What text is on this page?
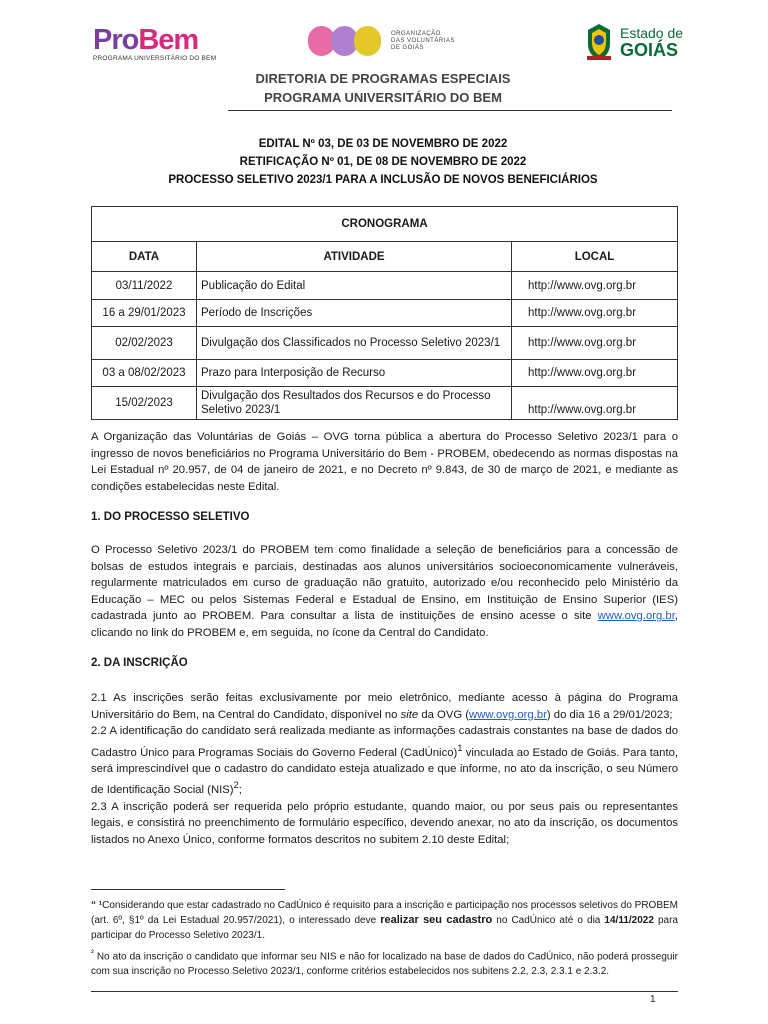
ProBem
PROGRAMA UNIVERSITÁRIO DO BEM
ORGANIZAÇÃO
DAS VOLUNTÁRIAS
DE GOIÁS
Estado de
GOIÁS
DIRETORIA DE PROGRAMAS ESPECIAIS
PROGRAMA UNIVERSITÁRIO DO BEM
EDITAL Nº 03, DE 03 DE NOVEMBRO DE 2022
RETIFICAÇÃO Nº 01, DE 08 DE NOVEMBRO DE 2022
PROCESSO SELETIVO 2023/1 PARA A INCLUSÃO DE NOVOS BENEFICIÁRIOS
CRONOGRAMA		
DATA	ATIVIDADE	LOCAL
03/11/2022	Publicação do Edital	http://www.ovg.org.br
16 a 29/01/2023	Período de Inscrições	http://www.ovg.org.br
02/02/2023	Divulgação dos Classificados no Processo Seletivo 2023/1	http://www.ovg.org.br
03 a 08/02/2023	Prazo para Interposição de Recurso	http://www.ovg.org.br
15/02/2023	Divulgação dos Resultados dos Recursos e do Processo Seletivo 2023/1	http://www.ovg.org.br
A Organização das Voluntárias de Goiás – OVG torna pública a abertura do Processo Seletivo 2023/1 para o ingresso de novos beneficiários no Programa Universitário do Bem - PROBEM, obedecendo as normas dispostas na Lei Estadual nº 20.957, de 04 de janeiro de 2021, e no Decreto nº 9.843, de 30 de março de 2021, e mediante as condições estabelecidas neste Edital.
1. DO PROCESSO SELETIVO
O Processo Seletivo 2023/1 do PROBEM tem como finalidade a seleção de beneficiários para a concessão de bolsas de estudos integrais e parciais, destinadas aos alunos universitários socioeconomicamente vulneráveis, regularmente matriculados em curso de graduação não gratuito, autorizado e/ou reconhecido pelo Ministério da Educação – MEC ou pelos Sistemas Federal e Estadual de Ensino, em Instituição de Ensino Superior (IES) cadastrada junto ao PROBEM. Para consultar a lista de instituições de ensino acesse o site www.ovg.org.br, clicando no link do PROBEM e, em seguida, no ícone da Central do Candidato.
2. DA INSCRIÇÃO
2.1 As inscrições serão feitas exclusivamente por meio eletrônico, mediante acesso à página do Programa Universitário do Bem, na Central do Candidato, disponível no site da OVG (www.ovg.org.br) do dia 16 a 29/01/2023;
2.2 A identificação do candidato será realizada mediante as informações cadastrais constantes na base de dados do Cadastro Único para Programas Sociais do Governo Federal (CadÚnico)$^1$ vinculada ao Estado de Goiás. Para tanto, será imprescindível que o cadastro do candidato esteja atualizado e que informe, no ato da inscrição, o seu Número de Identificação Social (NIS)$^2$;
2.3 A inscrição poderá ser requerida pelo próprio estudante, quando maior, ou por seus pais ou representantes legais, e consistirá no preenchimento de formulário específico, devendo anexar, no ato da inscrição, os documentos listados no Anexo Único, conforme formatos descritos no subitem 2.10 deste Edital;
“ ¹Considerando que estar cadastrado no CadÚnico é requisito para a inscrição e participação nos processos seletivos do PROBEM (art. 6º, §1º da Lei Estadual 20.957/2021), o interessado deve realizar seu cadastro no CadÚnico até o dia 14/11/2022 para participar do Processo Seletivo 2023/1.
$^{^2}$ No ato da inscrição o candidato que informar seu NIS e não for localizado na base de dados do CadÚnico, não poderá prosseguir com sua inscrição no Processo Seletivo 2023/1, conforme critérios estabelecidos nos subitens 2.2, 2.3, 2.3.1 e 2.3.2.
1
